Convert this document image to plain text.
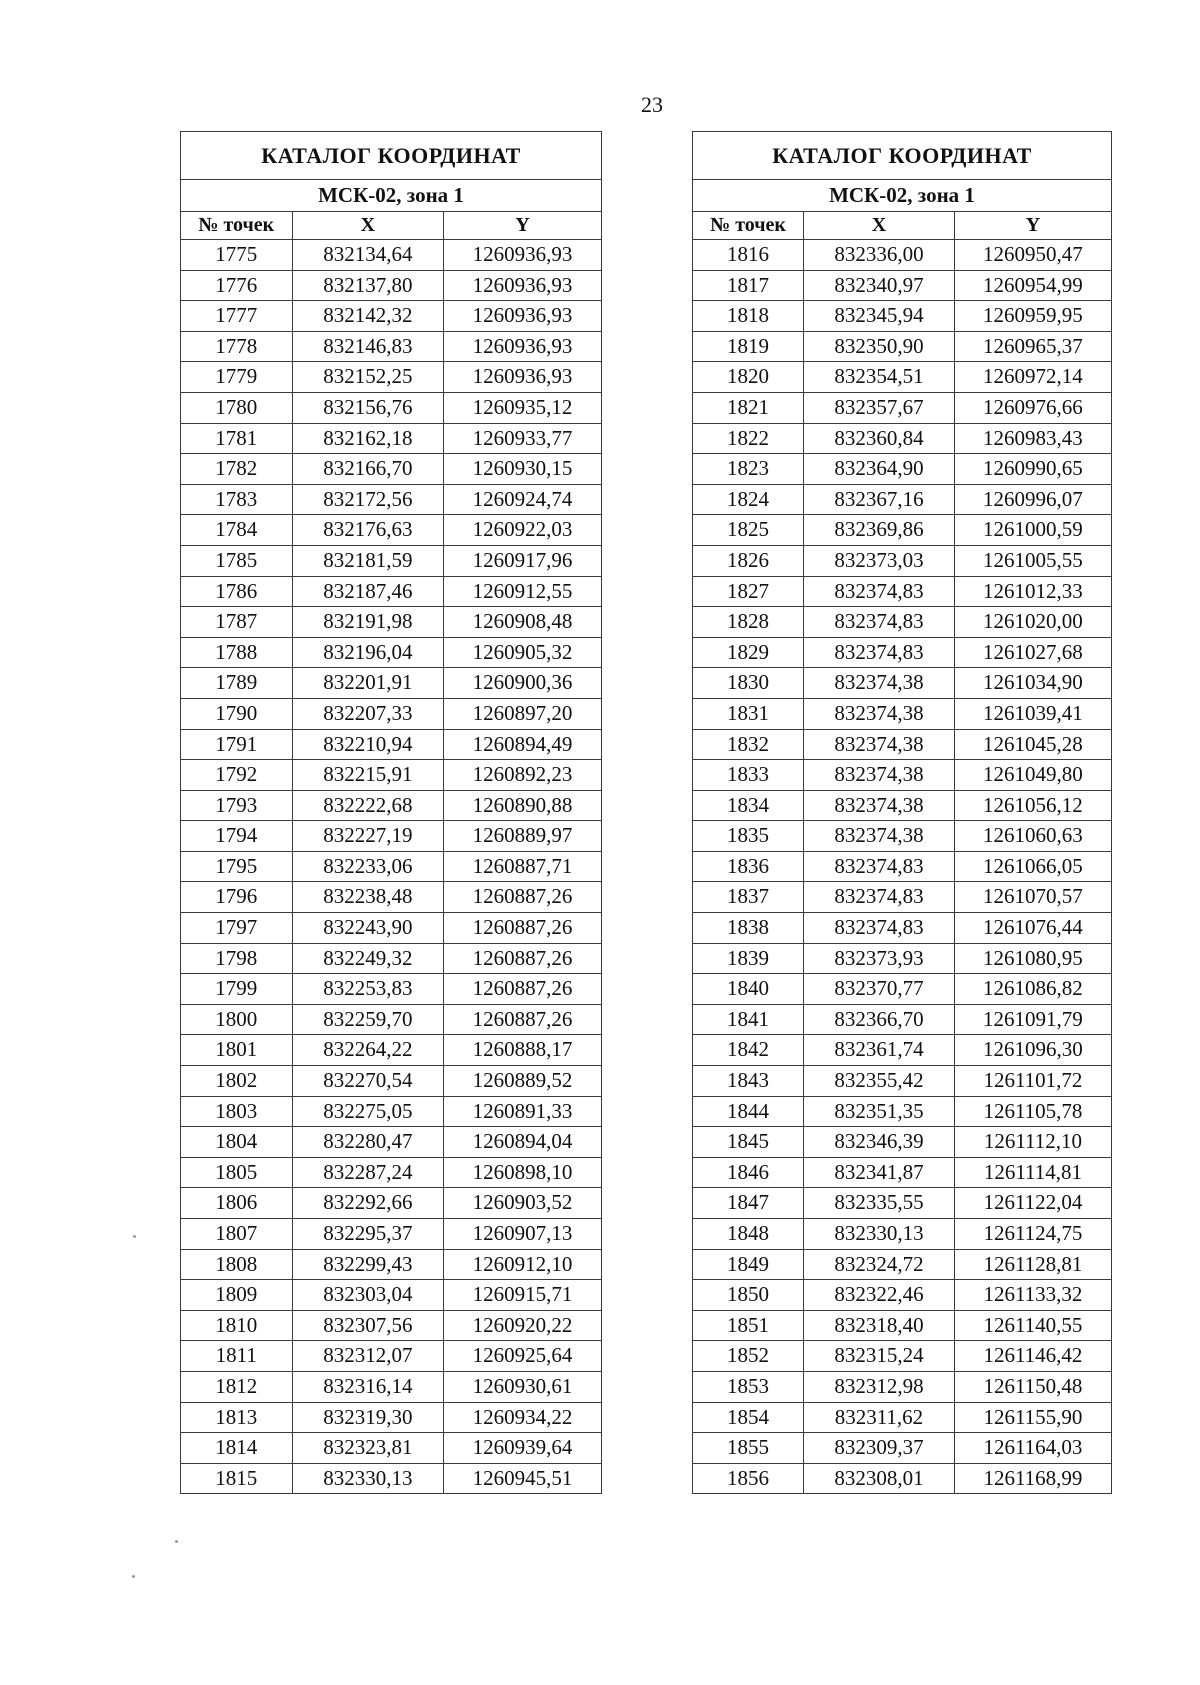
23
КАТАЛОГ КООРДИНАТ		
МСК-02, зона 1		
№ точек	X	Y
1775	832134,64	1260936,93
1776	832137,80	1260936,93
1777	832142,32	1260936,93
1778	832146,83	1260936,93
1779	832152,25	1260936,93
1780	832156,76	1260935,12
1781	832162,18	1260933,77
1782	832166,70	1260930,15
1783	832172,56	1260924,74
1784	832176,63	1260922,03
1785	832181,59	1260917,96
1786	832187,46	1260912,55
1787	832191,98	1260908,48
1788	832196,04	1260905,32
1789	832201,91	1260900,36
1790	832207,33	1260897,20
1791	832210,94	1260894,49
1792	832215,91	1260892,23
1793	832222,68	1260890,88
1794	832227,19	1260889,97
1795	832233,06	1260887,71
1796	832238,48	1260887,26
1797	832243,90	1260887,26
1798	832249,32	1260887,26
1799	832253,83	1260887,26
1800	832259,70	1260887,26
1801	832264,22	1260888,17
1802	832270,54	1260889,52
1803	832275,05	1260891,33
1804	832280,47	1260894,04
1805	832287,24	1260898,10
1806	832292,66	1260903,52
1807	832295,37	1260907,13
1808	832299,43	1260912,10
1809	832303,04	1260915,71
1810	832307,56	1260920,22
1811	832312,07	1260925,64
1812	832316,14	1260930,61
1813	832319,30	1260934,22
1814	832323,81	1260939,64
1815	832330,13	1260945,51
КАТАЛОГ КООРДИНАТ		
МСК-02, зона 1		
№ точек	X	Y
1816	832336,00	1260950,47
1817	832340,97	1260954,99
1818	832345,94	1260959,95
1819	832350,90	1260965,37
1820	832354,51	1260972,14
1821	832357,67	1260976,66
1822	832360,84	1260983,43
1823	832364,90	1260990,65
1824	832367,16	1260996,07
1825	832369,86	1261000,59
1826	832373,03	1261005,55
1827	832374,83	1261012,33
1828	832374,83	1261020,00
1829	832374,83	1261027,68
1830	832374,38	1261034,90
1831	832374,38	1261039,41
1832	832374,38	1261045,28
1833	832374,38	1261049,80
1834	832374,38	1261056,12
1835	832374,38	1261060,63
1836	832374,83	1261066,05
1837	832374,83	1261070,57
1838	832374,83	1261076,44
1839	832373,93	1261080,95
1840	832370,77	1261086,82
1841	832366,70	1261091,79
1842	832361,74	1261096,30
1843	832355,42	1261101,72
1844	832351,35	1261105,78
1845	832346,39	1261112,10
1846	832341,87	1261114,81
1847	832335,55	1261122,04
1848	832330,13	1261124,75
1849	832324,72	1261128,81
1850	832322,46	1261133,32
1851	832318,40	1261140,55
1852	832315,24	1261146,42
1853	832312,98	1261150,48
1854	832311,62	1261155,90
1855	832309,37	1261164,03
1856	832308,01	1261168,99
